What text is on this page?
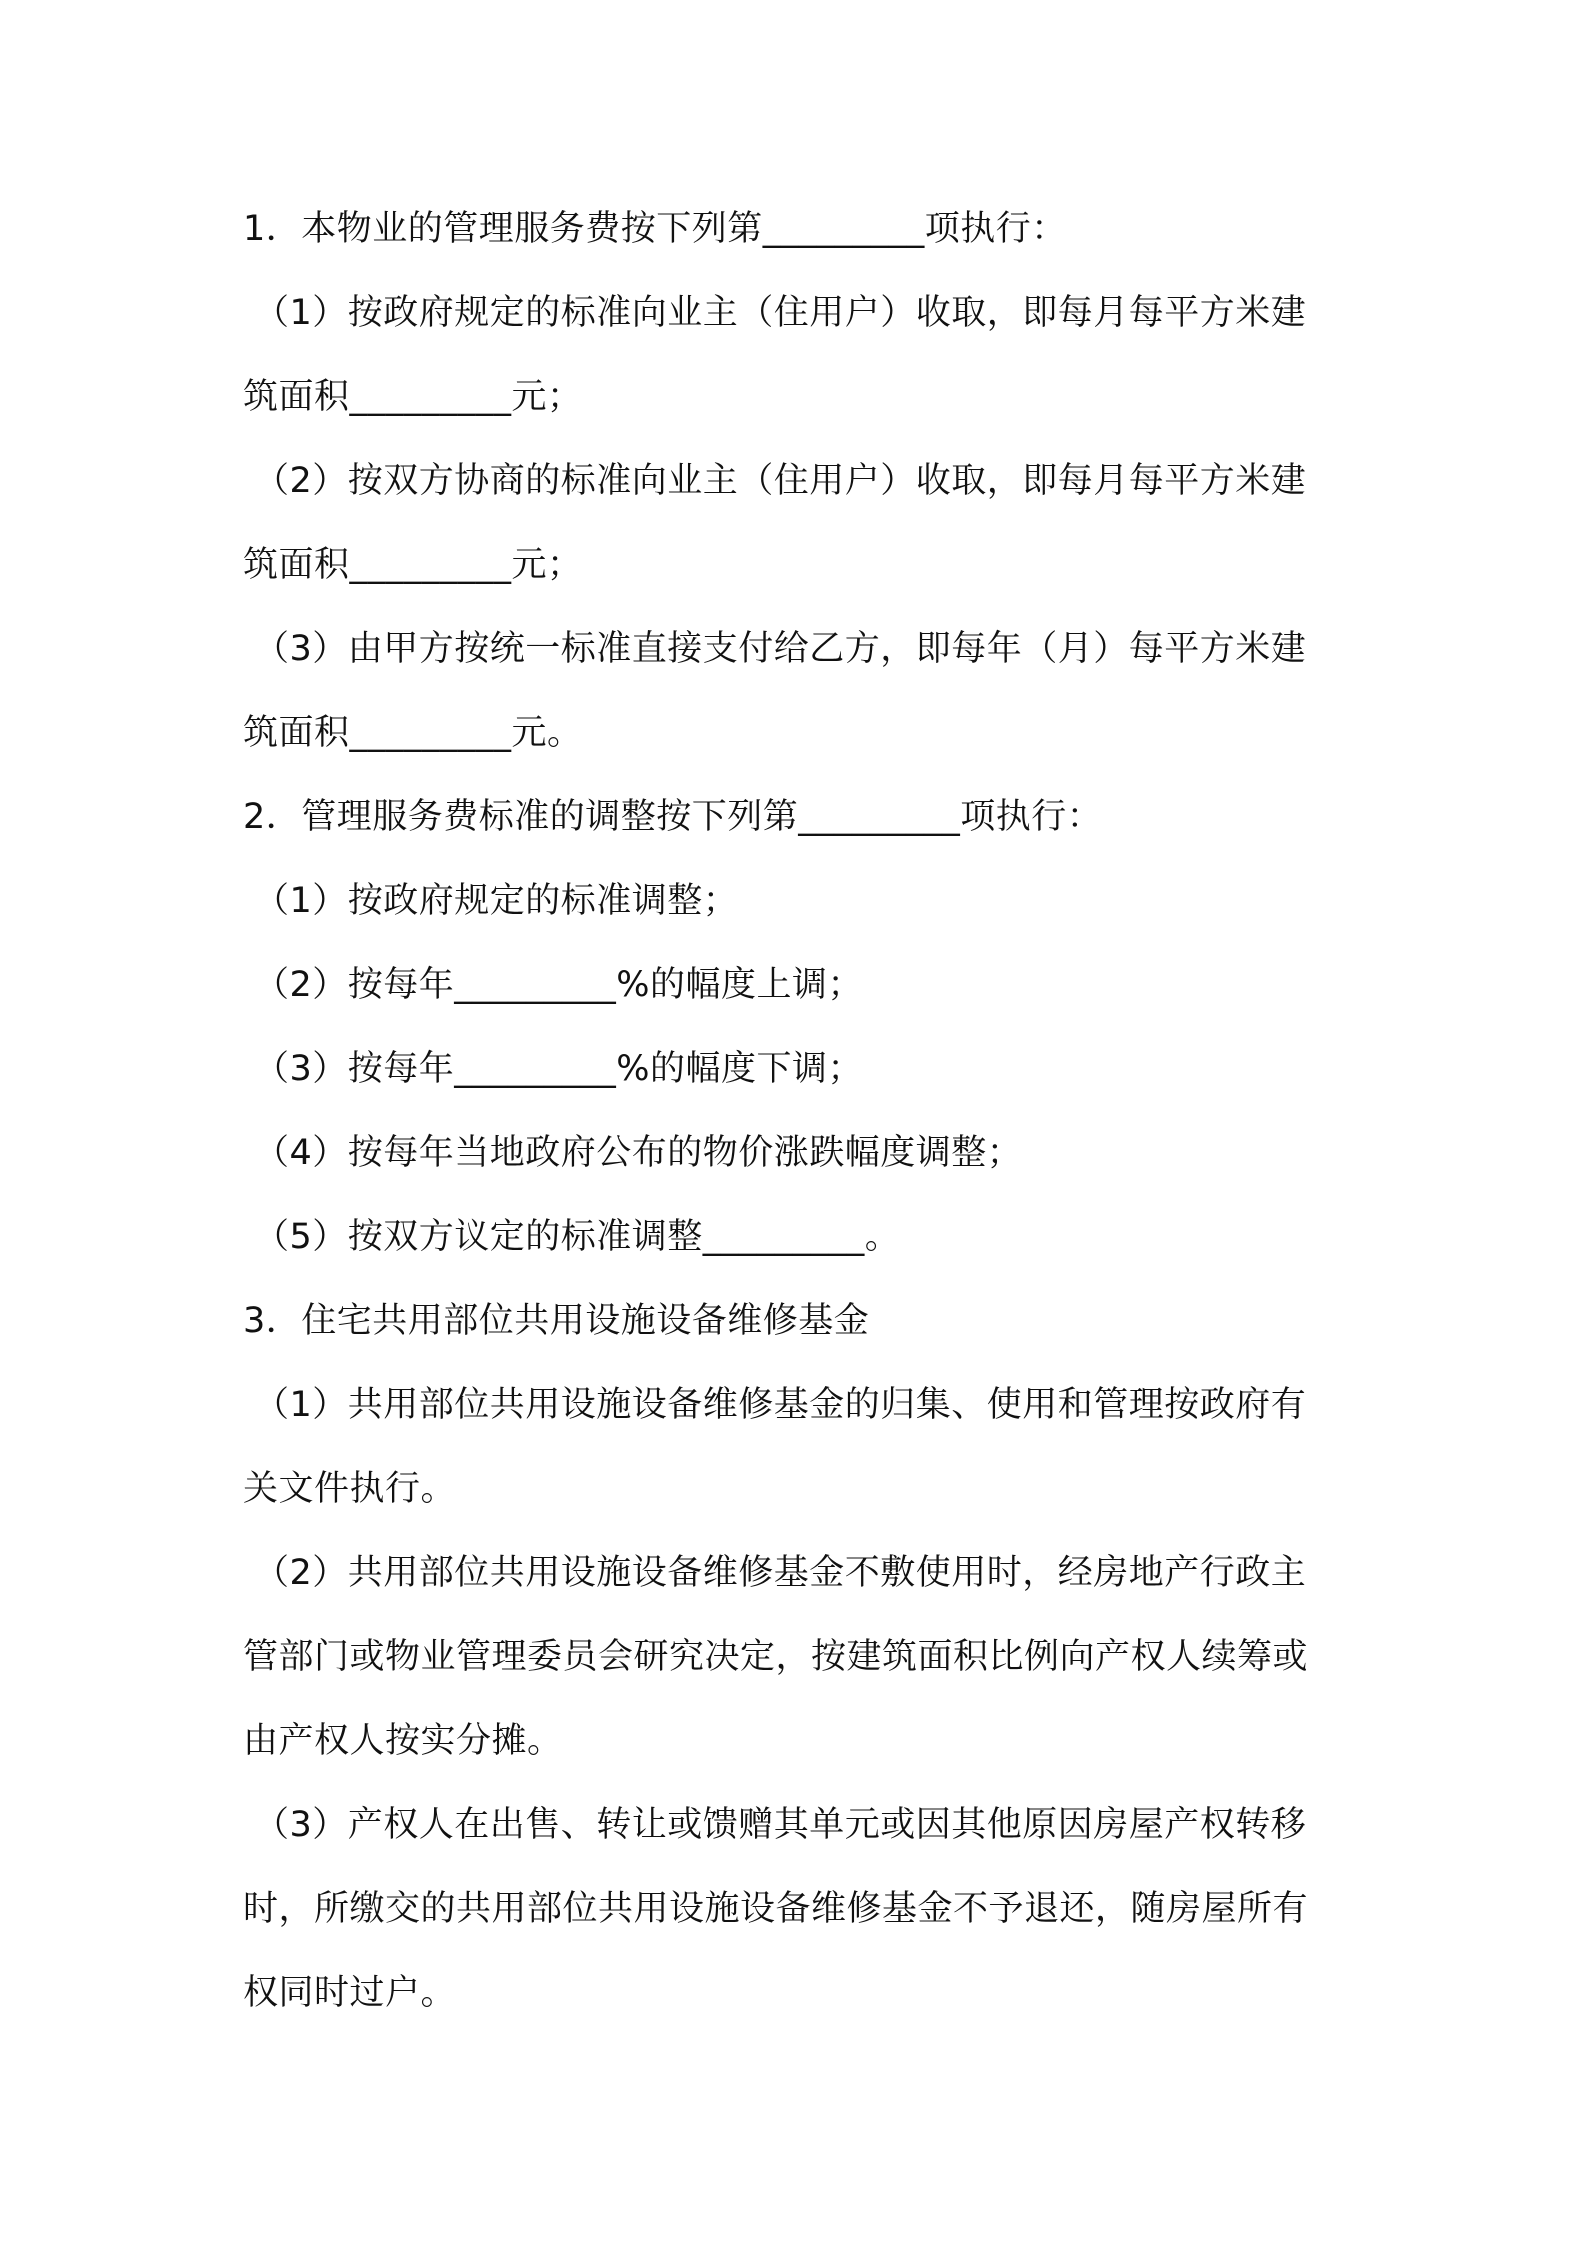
1．本物业的管理服务费按下列第_________项执行：
（1）按政府规定的标准向业主（住用户）收取，即每月每平方米建
筑面积_________元；
（2）按双方协商的标准向业主（住用户）收取，即每月每平方米建
筑面积_________元；
（3）由甲方按统一标准直接支付给乙方，即每年（月）每平方米建
筑面积_________元。
2．管理服务费标准的调整按下列第_________项执行：
（1）按政府规定的标准调整；
（2）按每年_________%的幅度上调；
（3）按每年_________%的幅度下调；
（4）按每年当地政府公布的物价涨跌幅度调整；
（5）按双方议定的标准调整_________。
3．住宅共用部位共用设施设备维修基金
（1）共用部位共用设施设备维修基金的归集、使用和管理按政府有
关文件执行。
（2）共用部位共用设施设备维修基金不敷使用时，经房地产行政主
管部门或物业管理委员会研究决定，按建筑面积比例向产权人续筹或
由产权人按实分摊。
（3）产权人在出售、转让或馈赠其单元或因其他原因房屋产权转移
时，所缴交的共用部位共用设施设备维修基金不予退还，随房屋所有
权同时过户。
